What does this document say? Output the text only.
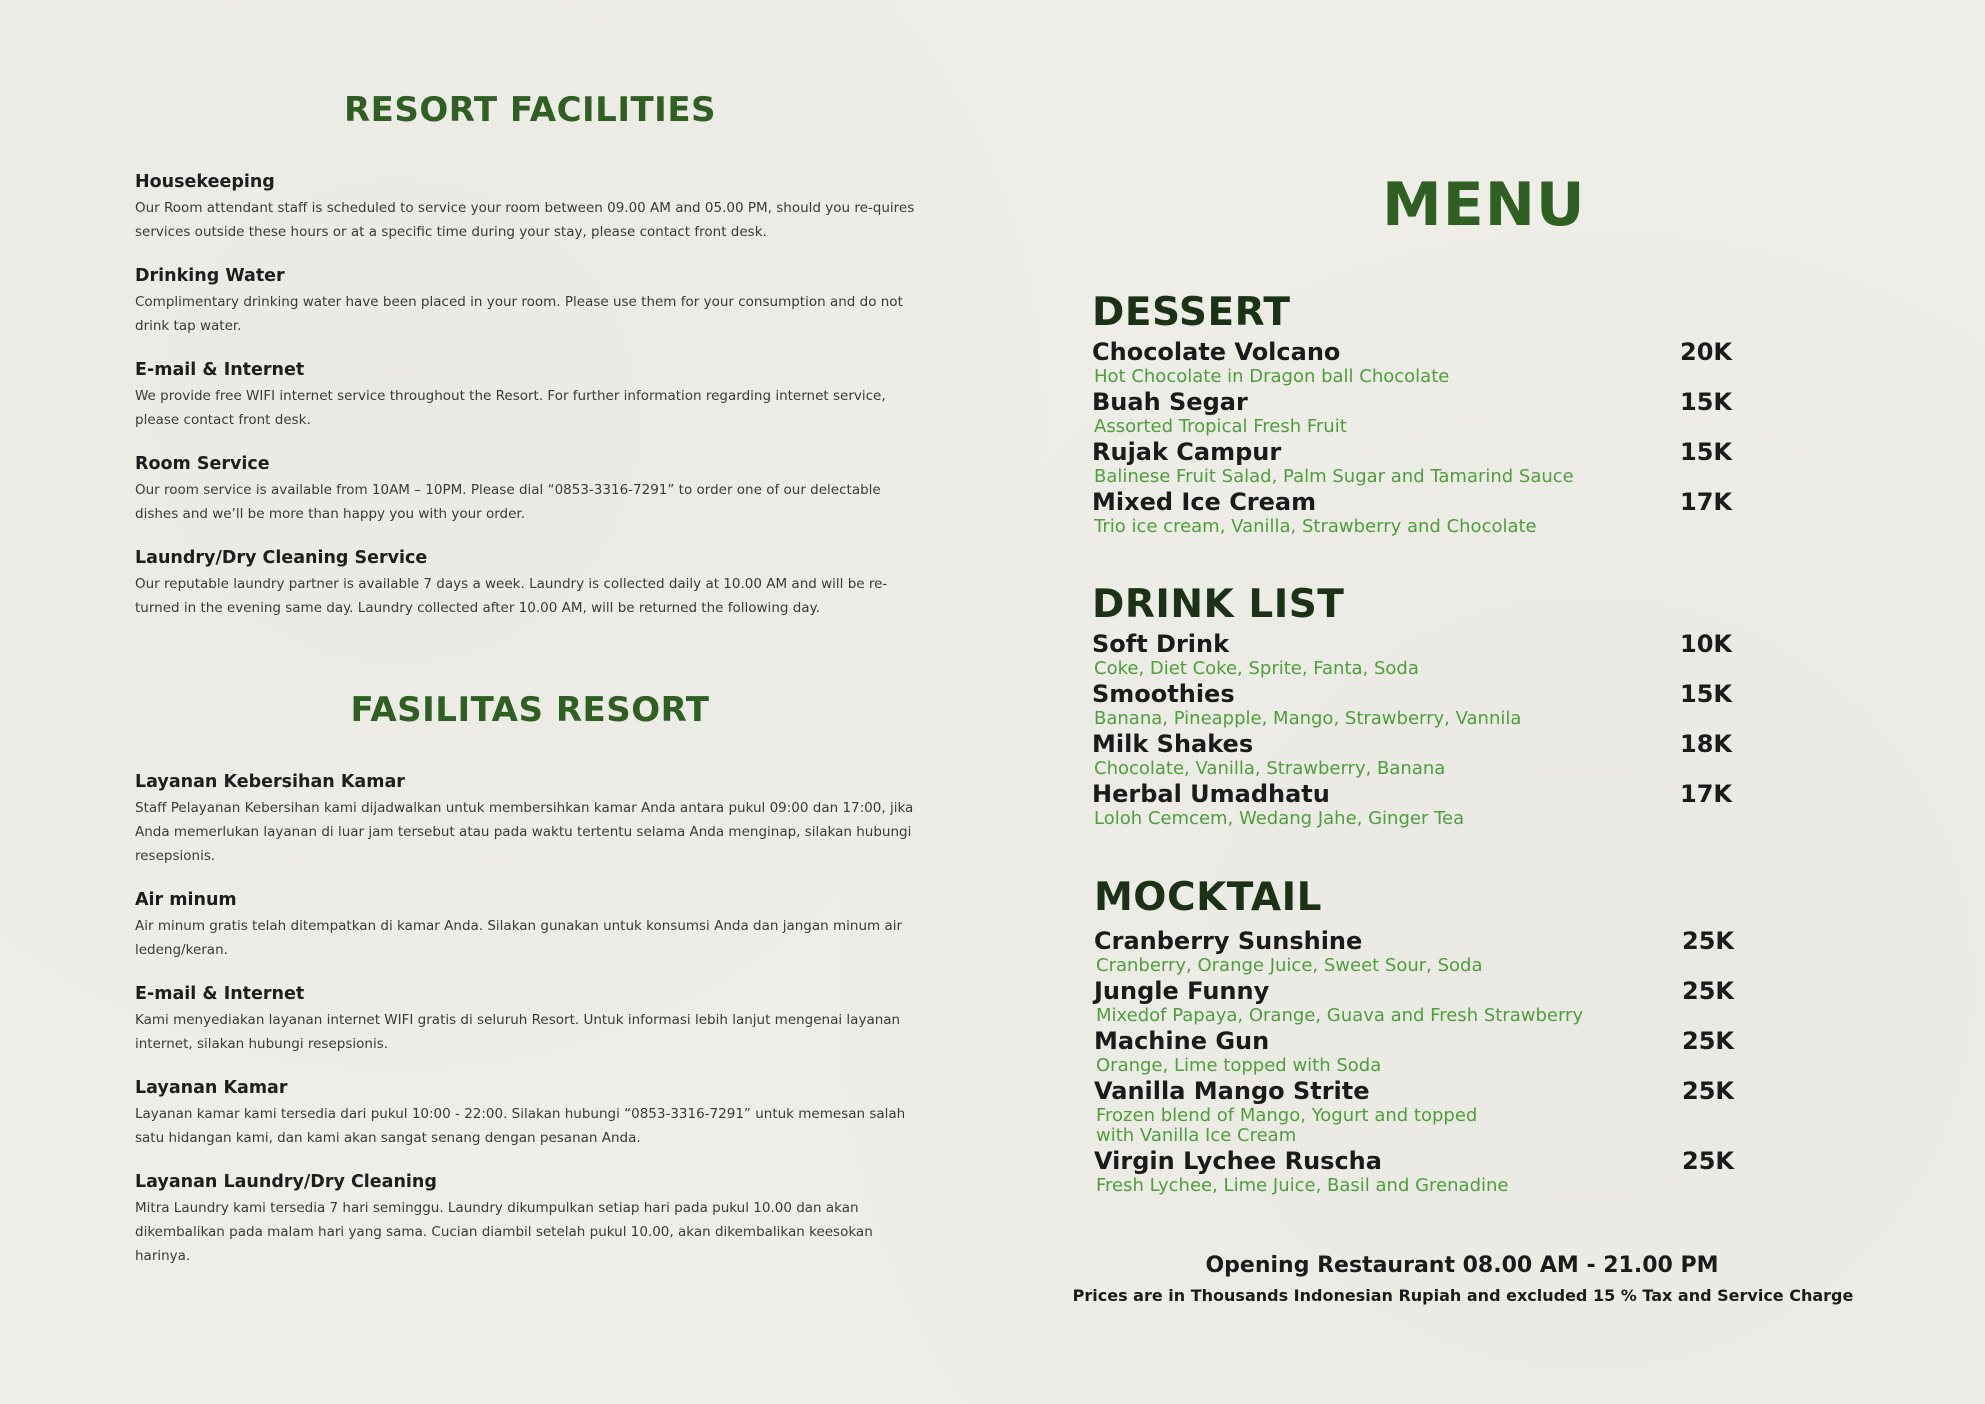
RESORT FACILITIES

Housekeeping

Our Room attendant staff is scheduled to service your room between 09.00 AM and 05.00 PM, should you re-quires services outside these hours or at a specific time during your stay, please contact front desk.

Drinking Water

Complimentary drinking water have been placed in your room. Please use them for your consumption and do not drink tap water.

E-mail & Internet

We provide free WIFI internet service throughout the Resort. For further information regarding internet service, please contact front desk.

Room Service

Our room service is available from 10AM – 10PM. Please dial “0853-3316-7291” to order one of our delectable dishes and we’ll be more than happy you with your order.

Laundry/Dry Cleaning Service

Our reputable laundry partner is available 7 days a week. Laundry is collected daily at 10.00 AM and will be re-turned in the evening same day. Laundry collected after 10.00 AM, will be returned the following day.

FASILITAS RESORT

Layanan Kebersihan Kamar

Staff Pelayanan Kebersihan kami dijadwalkan untuk membersihkan kamar Anda antara pukul 09:00 dan 17:00, jika Anda memerlukan layanan di luar jam tersebut atau pada waktu tertentu selama Anda menginap, silakan hubungi resepsionis.

Air minum

Air minum gratis telah ditempatkan di kamar Anda. Silakan gunakan untuk konsumsi Anda dan jangan minum air ledeng/keran.

E-mail & Internet

Kami menyediakan layanan internet WIFI gratis di seluruh Resort. Untuk informasi lebih lanjut mengenai layanan internet, silakan hubungi resepsionis.

Layanan Kamar

Layanan kamar kami tersedia dari pukul 10:00 - 22:00. Silakan hubungi “0853-3316-7291” untuk memesan salah satu hidangan kami, dan kami akan sangat senang dengan pesanan Anda.

Layanan Laundry/Dry Cleaning

Mitra Laundry kami tersedia 7 hari seminggu. Laundry dikumpulkan setiap hari pada pukul 10.00 dan akan dikembalikan pada malam hari yang sama. Cucian diambil setelah pukul 10.00, akan dikembalikan keesokan harinya.

MENU
DESSERT

Chocolate Volcano	20K

Hot Chocolate in Dragon ball Chocolate

Buah Segar	15K

Assorted Tropical Fresh Fruit

Rujak Campur	15K

Balinese Fruit Salad, Palm Sugar and Tamarind Sauce

Mixed Ice Cream	17K

Trio ice cream, Vanilla, Strawberry and Chocolate

DRINK LIST

Soft Drink	10K

Coke, Diet Coke, Sprite, Fanta, Soda

Smoothies	15K

Banana, Pineapple, Mango, Strawberry, Vannila

Milk Shakes	18K

Chocolate, Vanilla, Strawberry, Banana

Herbal Umadhatu	17K

Loloh Cemcem, Wedang Jahe, Ginger Tea

MOCKTAIL

Cranberry Sunshine	25K

Cranberry, Orange Juice, Sweet Sour, Soda

Jungle Funny	25K

Mixedof Papaya, Orange, Guava and Fresh Strawberry

Machine Gun	25K

Orange, Lime topped with Soda

Vanilla Mango Strite	25K

Frozen blend of Mango, Yogurt and topped

with Vanilla Ice Cream

Virgin Lychee Ruscha	25K

Fresh Lychee, Lime Juice, Basil and Grenadine

Opening Restaurant 08.00 AM - 21.00 PM
Prices are in Thousands Indonesian Rupiah and excluded 15 % Tax and Service Charge
